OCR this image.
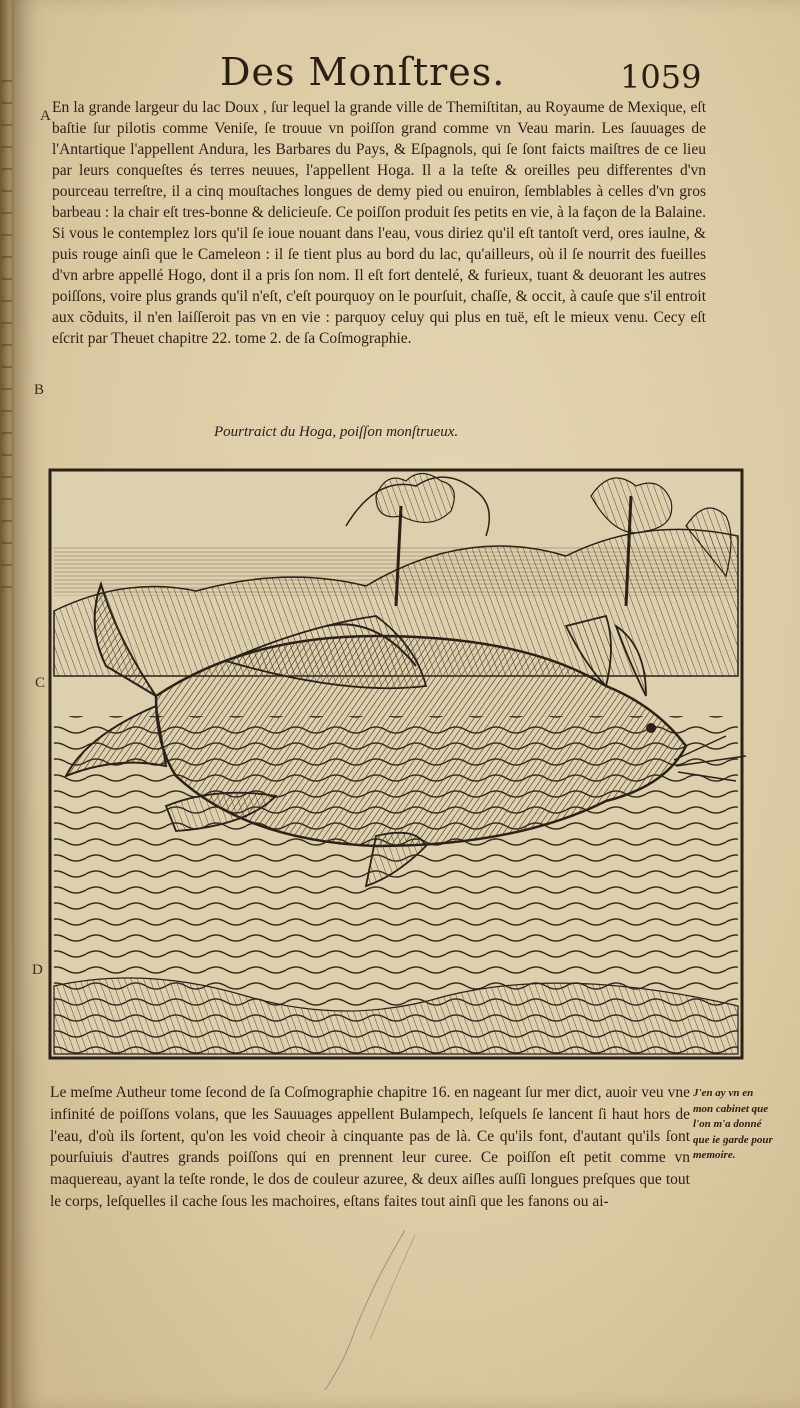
Des Monſtres.	1059
A
B
C
D
En la grande largeur du lac Doux , ſur lequel la grande ville de Themiſtitan, au Royaume de Mexique, eſt baſtie ſur pilotis comme Veniſe, ſe trouue vn poiſſon grand comme vn Veau marin. Les ſauuages de l'Antartique l'appellent Andura, les Barbares du Pays, & Eſpagnols, qui ſe ſont faicts maiſtres de ce lieu par leurs conqueſtes és terres neuues, l'appellent Hoga. Il a la teſte & oreilles peu differentes d'vn pourceau terreſtre, il a cinq mouſtaches longues de demy pied ou enuiron, ſemblables à celles d'vn gros barbeau : la chair eſt tres-bonne & delicieuſe. Ce poiſſon produit ſes petits en vie, à la façon de la Balaine. Si vous le contemplez lors qu'il ſe ioue nouant dans l'eau, vous diriez qu'il eſt tantoſt verd, ores iaulne, & puis rouge ainſi que le Cameleon : il ſe tient plus au bord du lac, qu'ailleurs, où il ſe nourrit des fueilles d'vn arbre appellé Hogo, dont il a pris ſon nom. Il eſt fort dentelé, & furieux, tuant & deuorant les autres poiſſons, voire plus grands qu'il n'eſt, c'eſt pourquoy on le pourſuit, chaſſe, & occit, à cauſe que s'il entroit aux cõduits, il n'en laiſſeroit pas vn en vie : parquoy celuy qui plus en tuë, eſt le mieux venu. Cecy eſt eſcrit par Theuet chapitre 22. tome 2. de ſa Coſmographie.
Pourtraict du Hoga, poiſſon monſtrueux.
Le meſme Autheur tome ſecond de ſa Coſmographie chapitre 16. en nageant ſur mer dict, auoir veu vne infinité de poiſſons volans, que les Sauuages appellent Bulampech, leſquels ſe lancent ſi haut hors de l'eau, d'où ils ſortent, qu'on les void cheoir à cinquante pas de là. Ce qu'ils font, d'autant qu'ils ſont pourſuiuis d'autres grands poiſſons qui en prennent leur curee. Ce poiſſon eſt petit comme vn maquereau, ayant la teſte ronde, le dos de couleur azuree, & deux aiſles auſſi longues preſques que tout le corps, leſquelles il cache ſous les machoires, eſtans faites tout ainſi que les fanons ou ai-
J'en ay vn en mon cabinet que l'on m'a donné que ie garde pour memoire.
